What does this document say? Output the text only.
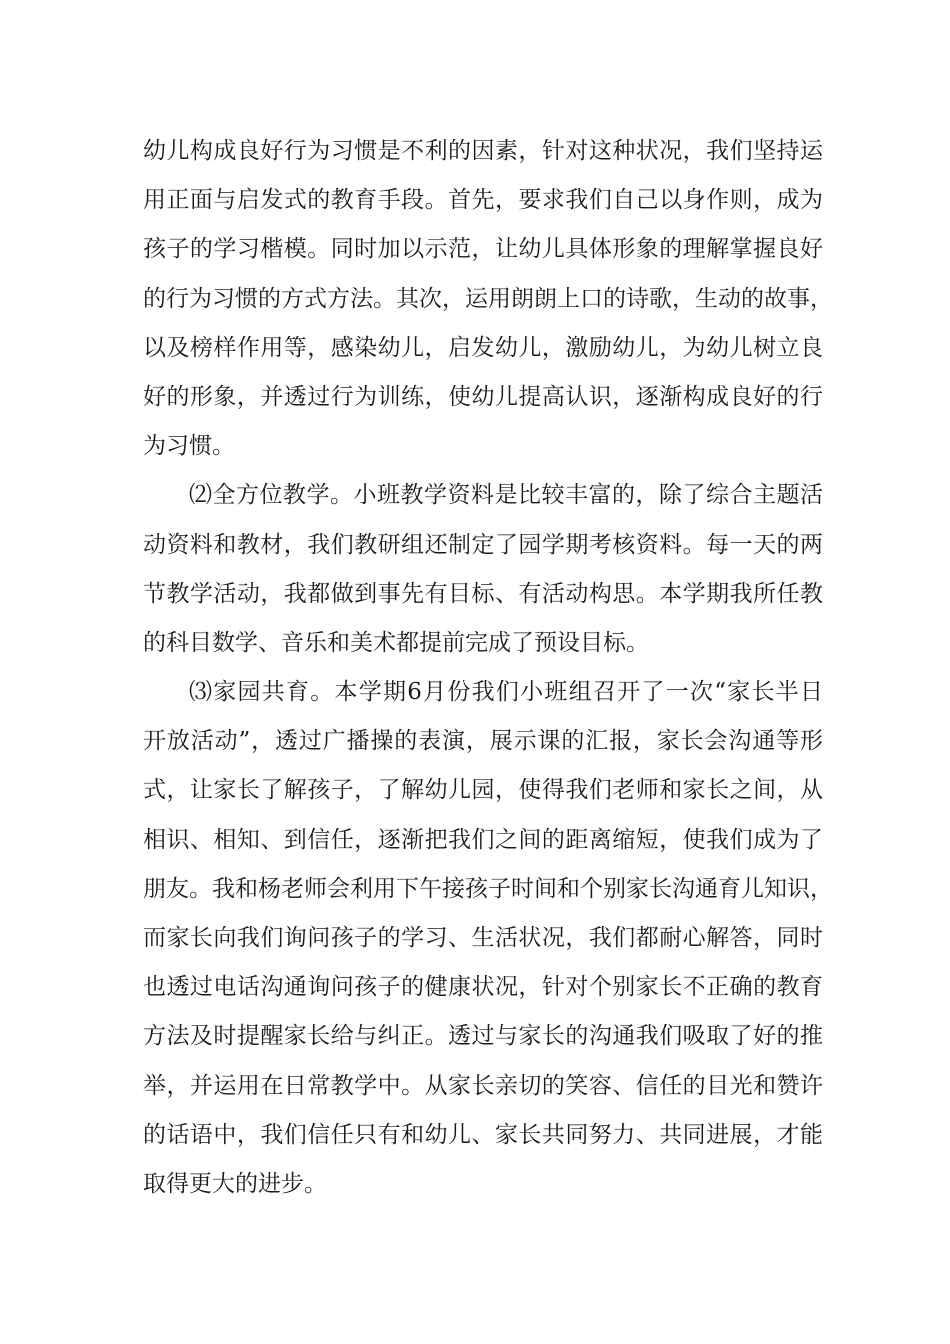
幼儿构成良好行为习惯是不利的因素，针对这种状况，我们坚持运
用正面与启发式的教育手段。首先，要求我们自己以身作则，成为
孩子的学习楷模。同时加以示范，让幼儿具体形象的理解掌握良好
的行为习惯的方式方法。其次，运用朗朗上口的诗歌，生动的故事，
以及榜样作用等，感染幼儿，启发幼儿，激励幼儿，为幼儿树立良
好的形象，并透过行为训练，使幼儿提高认识，逐渐构成良好的行
为习惯。
⑵全方位教学。小班教学资料是比较丰富的，除了综合主题活
动资料和教材，我们教研组还制定了园学期考核资料。每一天的两
节教学活动，我都做到事先有目标、有活动构思。本学期我所任教
的科目数学、音乐和美术都提前完成了预设目标。
⑶家园共育。本学期6月份我们小班组召开了一次“家长半日
开放活动”，透过广播操的表演，展示课的汇报，家长会沟通等形
式，让家长了解孩子，了解幼儿园，使得我们老师和家长之间，从
相识、相知、到信任，逐渐把我们之间的距离缩短，使我们成为了
朋友。我和杨老师会利用下午接孩子时间和个别家长沟通育儿知识，
而家长向我们询问孩子的学习、生活状况，我们都耐心解答，同时
也透过电话沟通询问孩子的健康状况，针对个别家长不正确的教育
方法及时提醒家长给与纠正。透过与家长的沟通我们吸取了好的推
举，并运用在日常教学中。从家长亲切的笑容、信任的目光和赞许
的话语中，我们信任只有和幼儿、家长共同努力、共同进展，才能
取得更大的进步。
